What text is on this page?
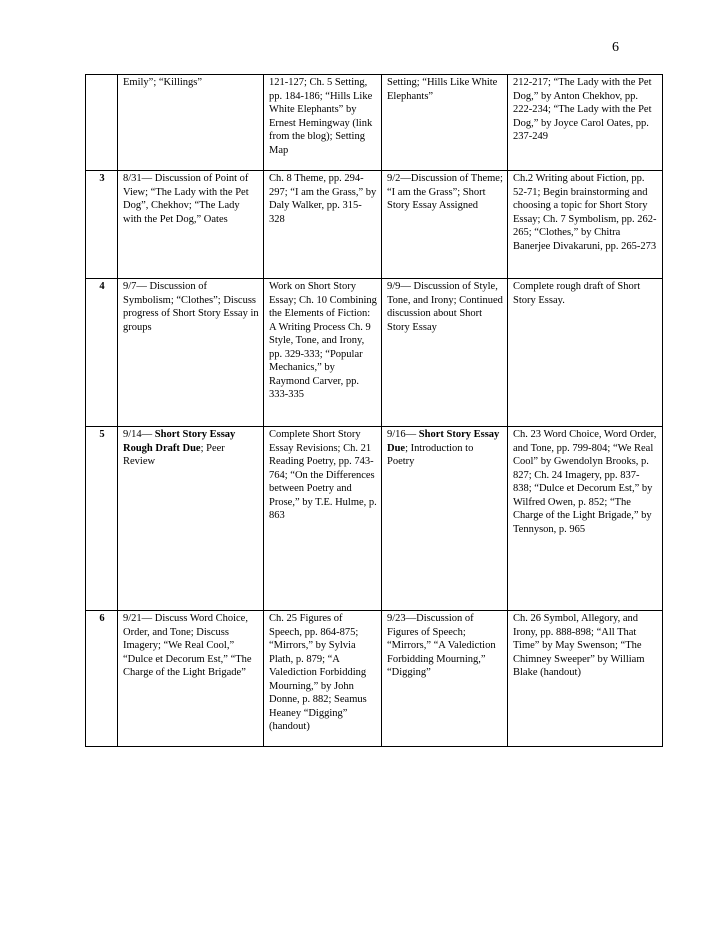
6
	Emily”; “Killings”	121-127; Ch. 5 Setting, pp. 184-186; “Hills Like White Elephants” by Ernest Hemingway (link from the blog); Setting Map	Setting; “Hills Like White Elephants”	212-217; “The Lady with the Pet Dog,” by Anton Chekhov, pp. 222-234; “The Lady with the Pet Dog,” by Joyce Carol Oates, pp. 237-249
3	8/31— Discussion of Point of View; “The Lady with the Pet Dog”, Chekhov; “The Lady with the Pet Dog,” Oates	Ch. 8 Theme, pp. 294-297; “I am the Grass,” by Daly Walker, pp. 315-328	9/2—Discussion of Theme; “I am the Grass”; Short Story Essay Assigned	Ch.2 Writing about Fiction, pp. 52-71; Begin brainstorming and choosing a topic for Short Story Essay; Ch. 7 Symbolism, pp. 262-265; “Clothes,” by Chitra Banerjee Divakaruni, pp. 265-273
4	9/7— Discussion of Symbolism; “Clothes”; Discuss progress of Short Story Essay in groups	Work on Short Story Essay; Ch. 10 Combining the Elements of Fiction: A Writing Process Ch. 9 Style, Tone, and Irony, pp. 329-333; “Popular Mechanics,” by Raymond Carver, pp. 333-335	9/9— Discussion of Style, Tone, and Irony; Continued discussion about Short Story Essay	Complete rough draft of Short Story Essay.
5	9/14— Short Story Essay Rough Draft Due; Peer Review	Complete Short Story Essay Revisions; Ch. 21 Reading Poetry, pp. 743-764; “On the Differences between Poetry and Prose,” by T.E. Hulme, p. 863	9/16— Short Story Essay Due; Introduction to Poetry	Ch. 23 Word Choice, Word Order, and Tone, pp. 799-804; “We Real Cool” by Gwendolyn Brooks, p. 827; Ch. 24 Imagery, pp. 837-838; “Dulce et Decorum Est,” by Wilfred Owen, p. 852; “The Charge of the Light Brigade,” by Tennyson, p. 965
6	9/21— Discuss Word Choice, Order, and Tone; Discuss Imagery; “We Real Cool,” “Dulce et Decorum Est,” “The Charge of the Light Brigade”	Ch. 25 Figures of Speech, pp. 864-875; “Mirrors,” by Sylvia Plath, p. 879; “A Valediction Forbidding Mourning,” by John Donne, p. 882; Seamus Heaney “Digging” (handout)	9/23—Discussion of Figures of Speech; “Mirrors,” “A Valediction Forbidding Mourning,” “Digging”	Ch. 26 Symbol, Allegory, and Irony, pp. 888-898; “All That Time” by May Swenson; “The Chimney Sweeper” by William Blake (handout)
